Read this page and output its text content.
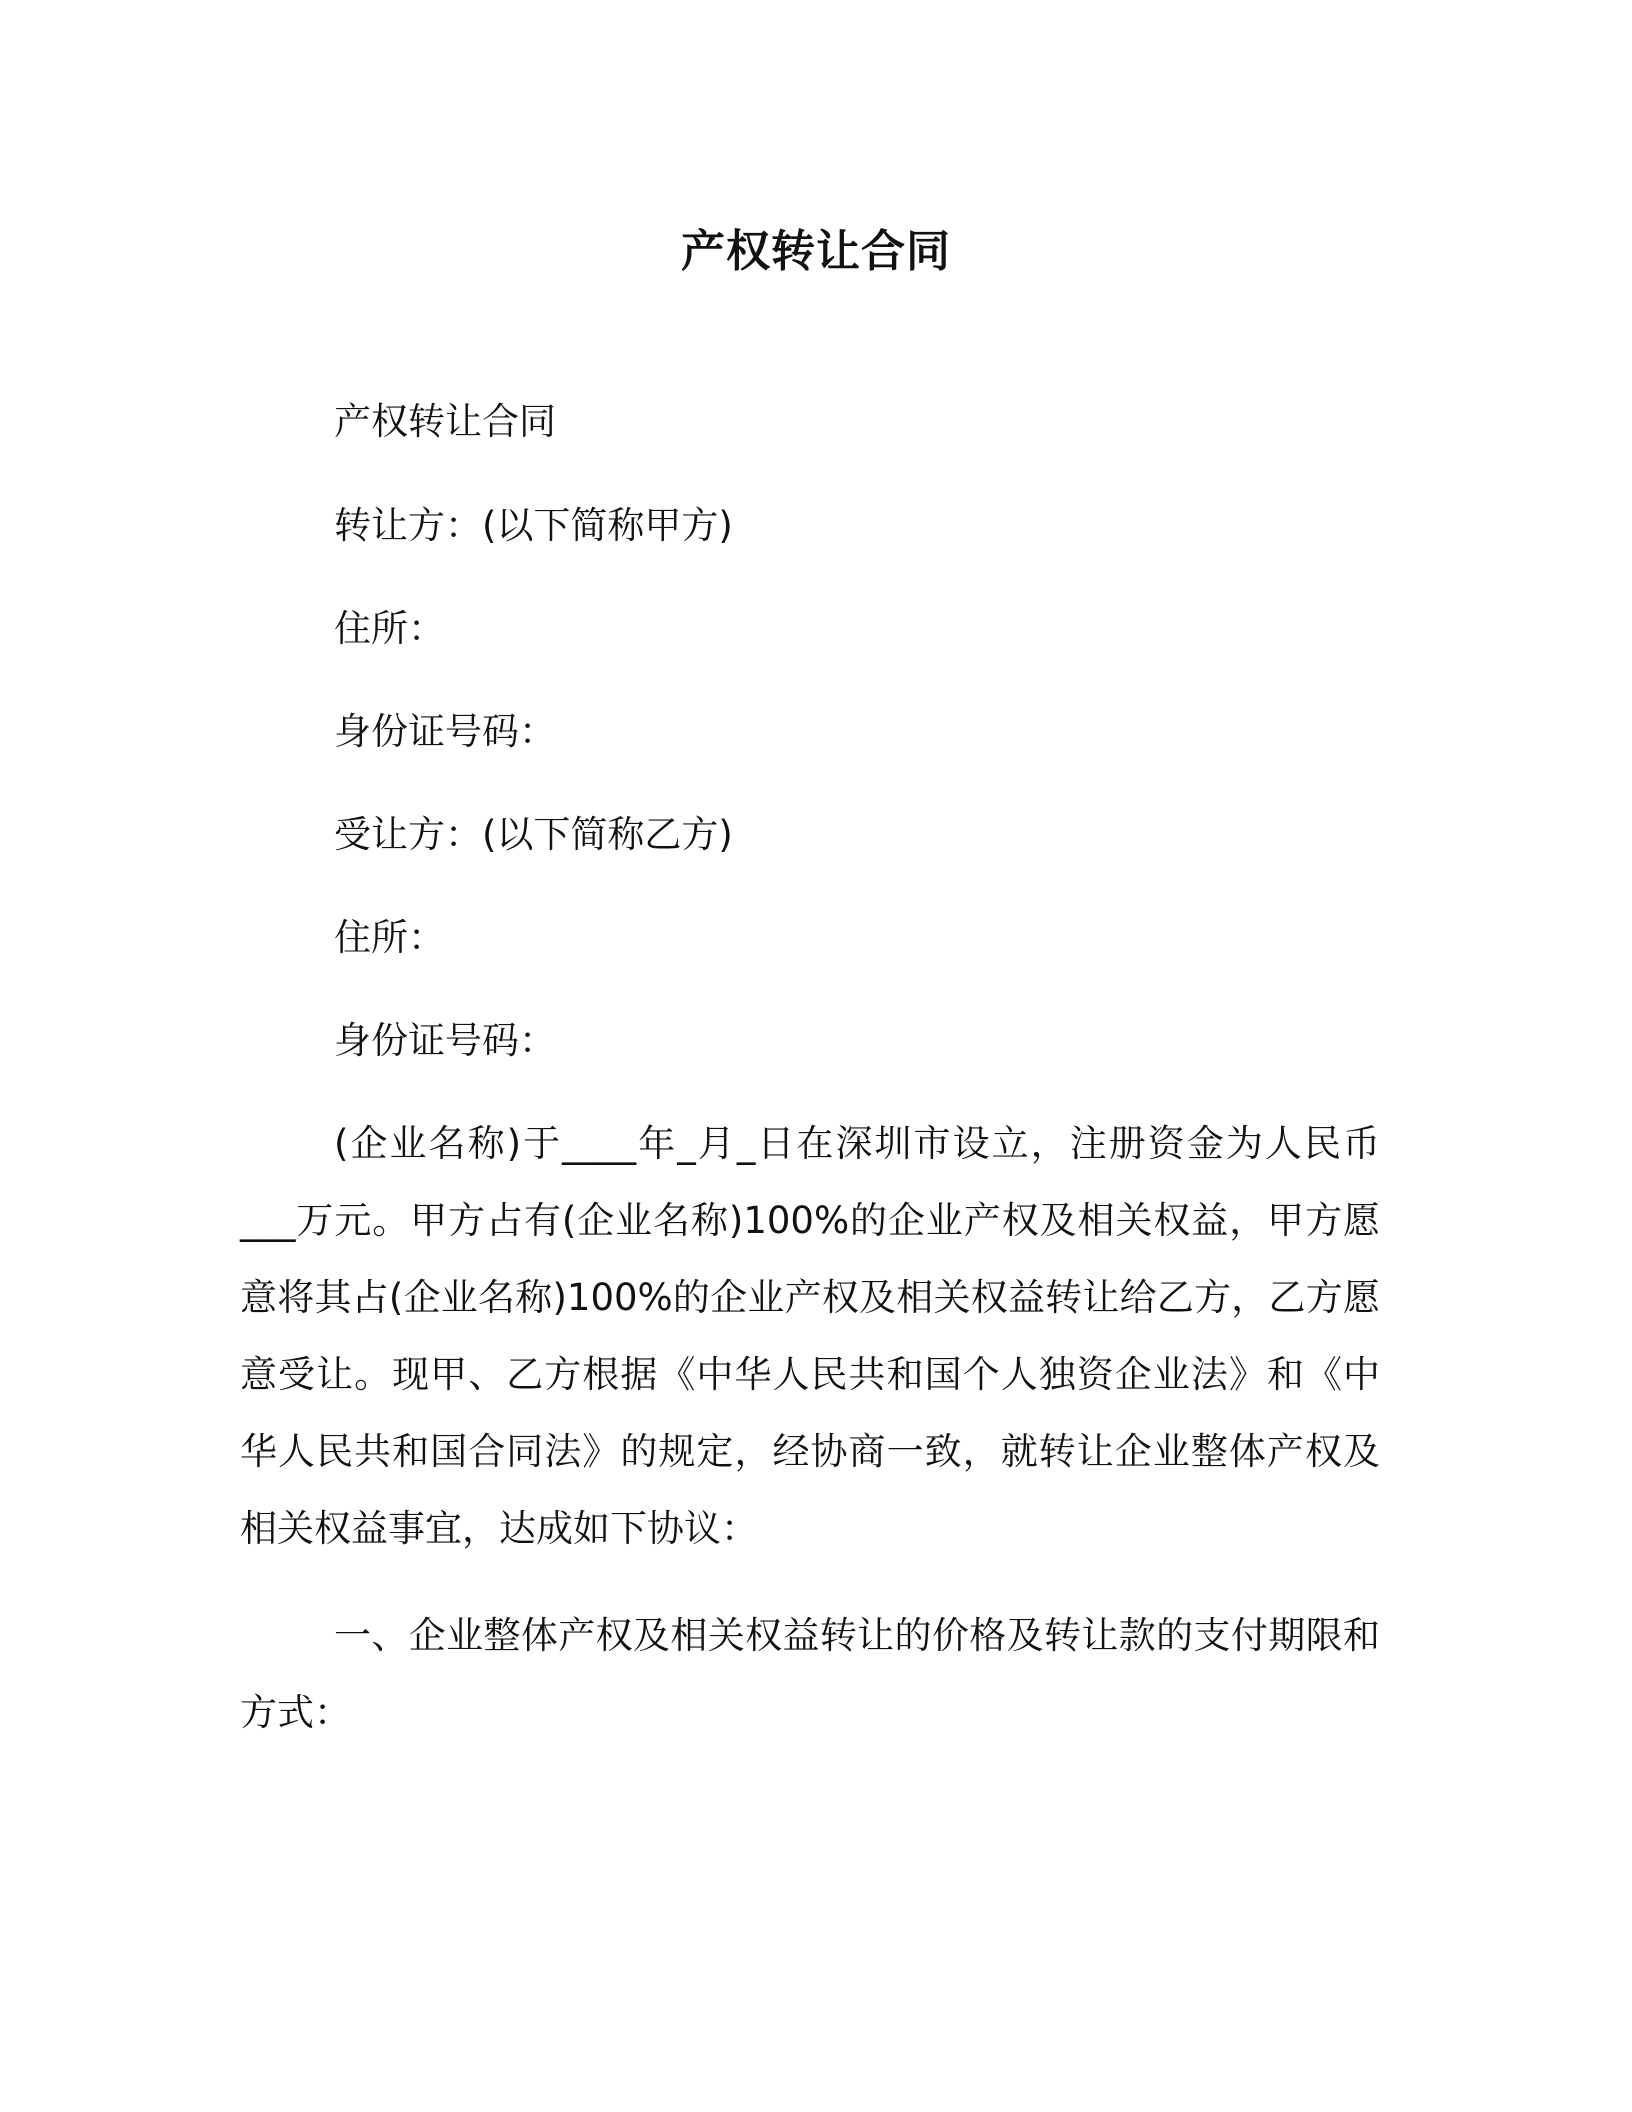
产权转让合同
产权转让合同
转让方：(以下简称甲方)
住所：
身份证号码：
受让方：(以下简称乙方)
住所：
身份证号码：

(企业名称)于____年_月_日在深圳市设立，注册资金为人民币___万元。甲方占有(企业名称)100%的企业产权及相关权益，甲方愿意将其占(企业名称)100%的企业产权及相关权益转让给乙方，乙方愿意受让。现甲、乙方根据《中华人民共和国个人独资企业法》和《中华人民共和国合同法》的规定，经协商一致，就转让企业整体产权及相关权益事宜，达成如下协议：

一、企业整体产权及相关权益转让的价格及转让款的支付期限和方式：
